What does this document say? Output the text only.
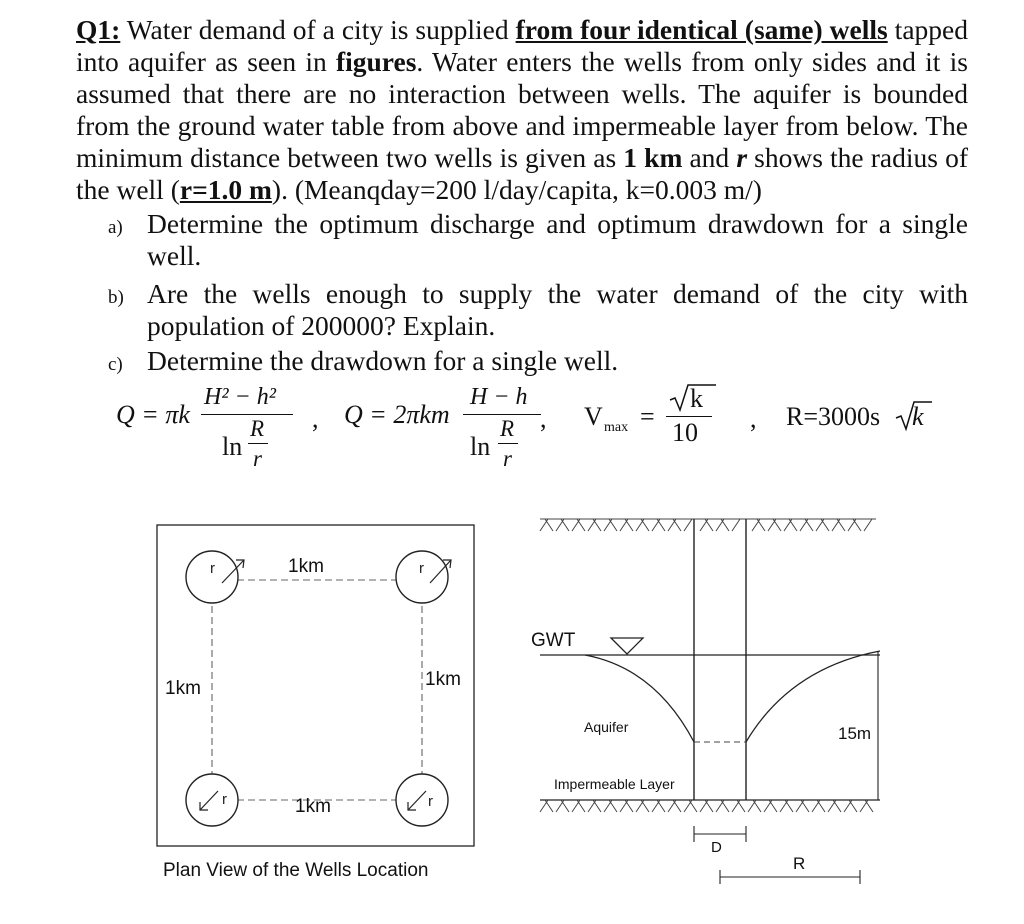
Q1: Water demand of a city is supplied from four identical (same) wells tapped into aquifer as seen in figures. Water enters the wells from only sides and it is assumed that there are no interaction between wells. The aquifer is bounded from the ground water table from above and impermeable layer from below. The minimum distance between two wells is given as 1 km and r shows the radius of the well (r=1.0 m). (Meanqday=200 l/day/capita, k=0.003 m/)
a) Determine the optimum discharge and optimum drawdown for a single well.
b) Are the wells enough to supply the water demand of the city with population of 200000? Explain.
c) Determine the drawdown for a single well.
Q = πk
H² − h²
ln
R
r
, Q = 2πkm
H − h
ln
R
r
, V max =
k
10 , R=3000s k
r	r
r	r
1km
1km
1km	1km
Plan View of the Wells Location
GWT
Aquifer
Impermeable Layer
15m
D
R
